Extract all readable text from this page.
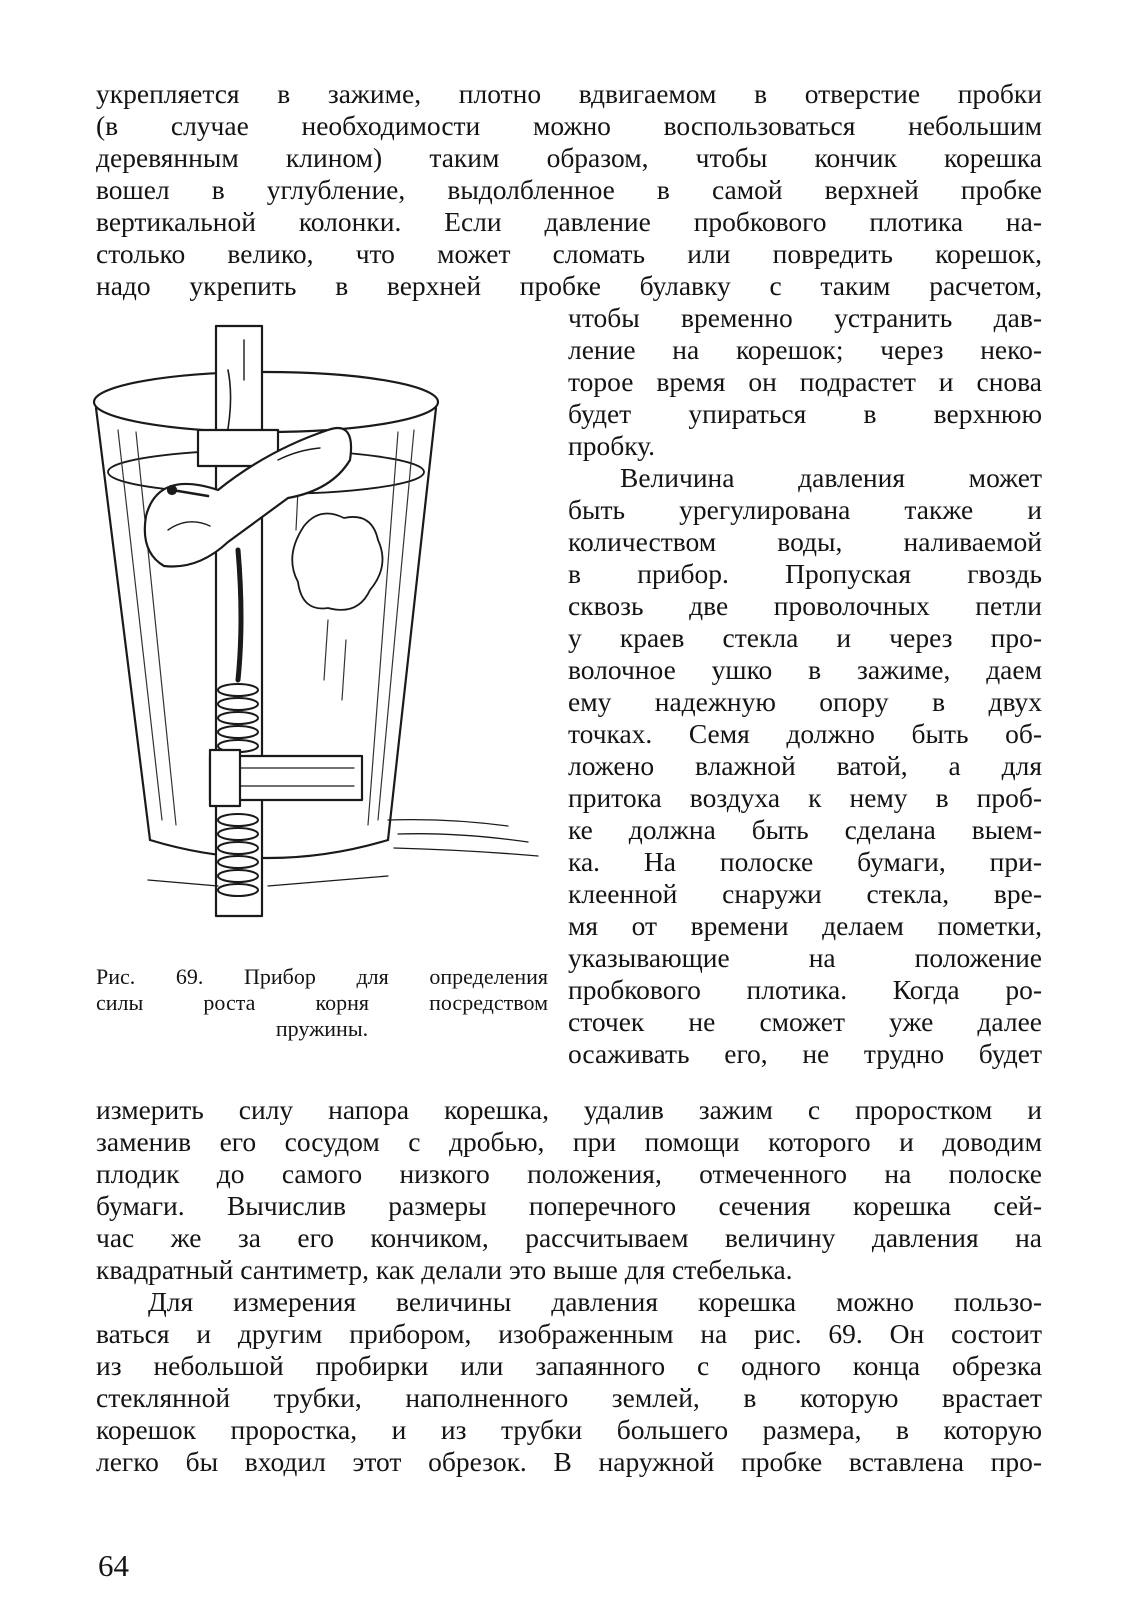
укрепляется в зажиме, плотно вдвигаемом в отверстие пробки
(в случае необходимости можно воспользоваться небольшим
деревянным клином) таким образом, чтобы кончик корешка
вошел в углубление, выдолбленное в самой верхней пробке
вертикальной колонки. Если давление пробкового плотика на-
столько велико, что может сломать или повредить корешок,
надо укрепить в верхней пробке булавку с таким расчетом,
чтобы временно устранить дав-
ление на корешок; через неко-
торое время он подрастет и снова
будет упираться в верхнюю
пробку.
Величина давления может
быть урегулирована также и
количеством воды, наливаемой
в прибор. Пропуская гвоздь
сквозь две проволочных петли
у краев стекла и через про-
волочное ушко в зажиме, даем
ему надежную опору в двух
точках. Семя должно быть об-
ложено влажной ватой, а для
притока воздуха к нему в проб-
ке должна быть сделана выем-
ка. На полоске бумаги, при-
клеенной снаружи стекла, вре-
мя от времени делаем пометки,
указывающие на положение
пробкового плотика. Когда ро-
сточек не сможет уже далее
осаживать его, не трудно будет
Рис. 69. Прибор для определения
силы роста корня посредством
пружины.
измерить силу напора корешка, удалив зажим с проростком и
заменив его сосудом с дробью, при помощи которого и доводим
плодик до самого низкого положения, отмеченного на полоске
бумаги. Вычислив размеры поперечного сечения корешка сей-
час же за его кончиком, рассчитываем величину давления на
квадратный сантиметр, как делали это выше для стебелька.
Для измерения величины давления корешка можно пользо-
ваться и другим прибором, изображенным на рис. 69. Он состоит
из небольшой пробирки или запаянного с одного конца обрезка
стеклянной трубки, наполненного землей, в которую врастает
корешок проростка, и из трубки большего размера, в которую
легко бы входил этот обрезок. В наружной пробке вставлена про-
64
